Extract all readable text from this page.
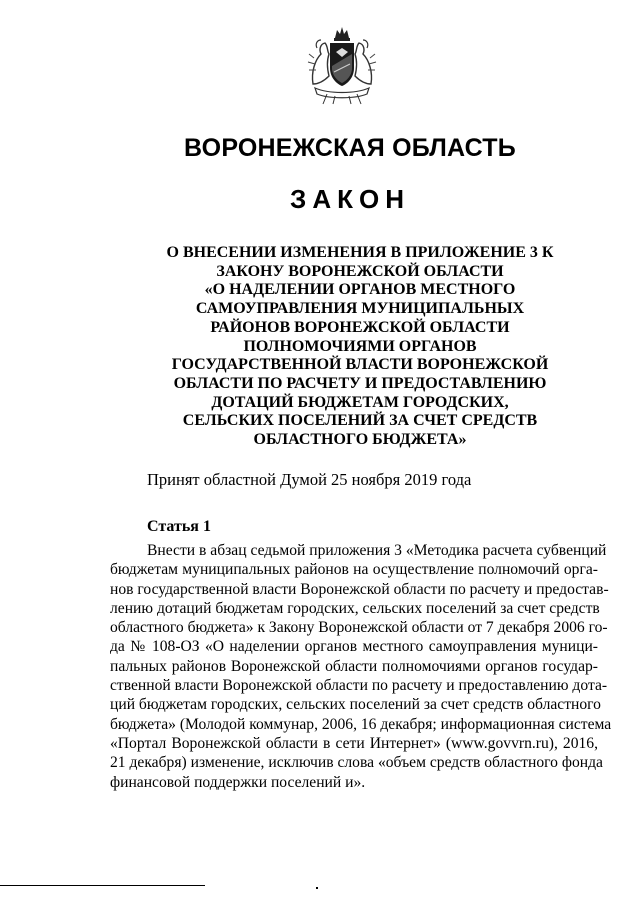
ВОРОНЕЖСКАЯ ОБЛАСТЬ
ЗАКОН
О ВНЕСЕНИИ ИЗМЕНЕНИЯ В ПРИЛОЖЕНИЕ 3 К
ЗАКОНУ ВОРОНЕЖСКОЙ ОБЛАСТИ
«О НАДЕЛЕНИИ ОРГАНОВ МЕСТНОГО
САМОУПРАВЛЕНИЯ МУНИЦИПАЛЬНЫХ
РАЙОНОВ ВОРОНЕЖСКОЙ ОБЛАСТИ
ПОЛНОМОЧИЯМИ ОРГАНОВ
ГОСУДАРСТВЕННОЙ ВЛАСТИ ВОРОНЕЖСКОЙ
ОБЛАСТИ ПО РАСЧЕТУ И ПРЕДОСТАВЛЕНИЮ
ДОТАЦИЙ БЮДЖЕТАМ ГОРОДСКИХ,
СЕЛЬСКИХ ПОСЕЛЕНИЙ ЗА СЧЕТ СРЕДСТВ
ОБЛАСТНОГО БЮДЖЕТА»
Принят областной Думой 25 ноября 2019 года
Статья 1
Внести в абзац седьмой приложения 3 «Методика расчета субвенций
бюджетам муниципальных районов на осуществление полномочий орга-
нов государственной власти Воронежской области по расчету и предостав-
лению дотаций бюджетам городских, сельских поселений за счет средств
областного бюджета» к Закону Воронежской области от 7 декабря 2006 го-
да № 108-ОЗ «О наделении органов местного самоуправления муници-
пальных районов Воронежской области полномочиями органов государ-
ственной власти Воронежской области по расчету и предоставлению дота-
ций бюджетам городских, сельских поселений за счет средств областного
бюджета» (Молодой коммунар, 2006, 16 декабря; информационная система
«Портал Воронежской области в сети Интернет» (www.govvrn.ru), 2016,
21 декабря) изменение, исключив слова «объем средств областного фонда
финансовой поддержки поселений и».
